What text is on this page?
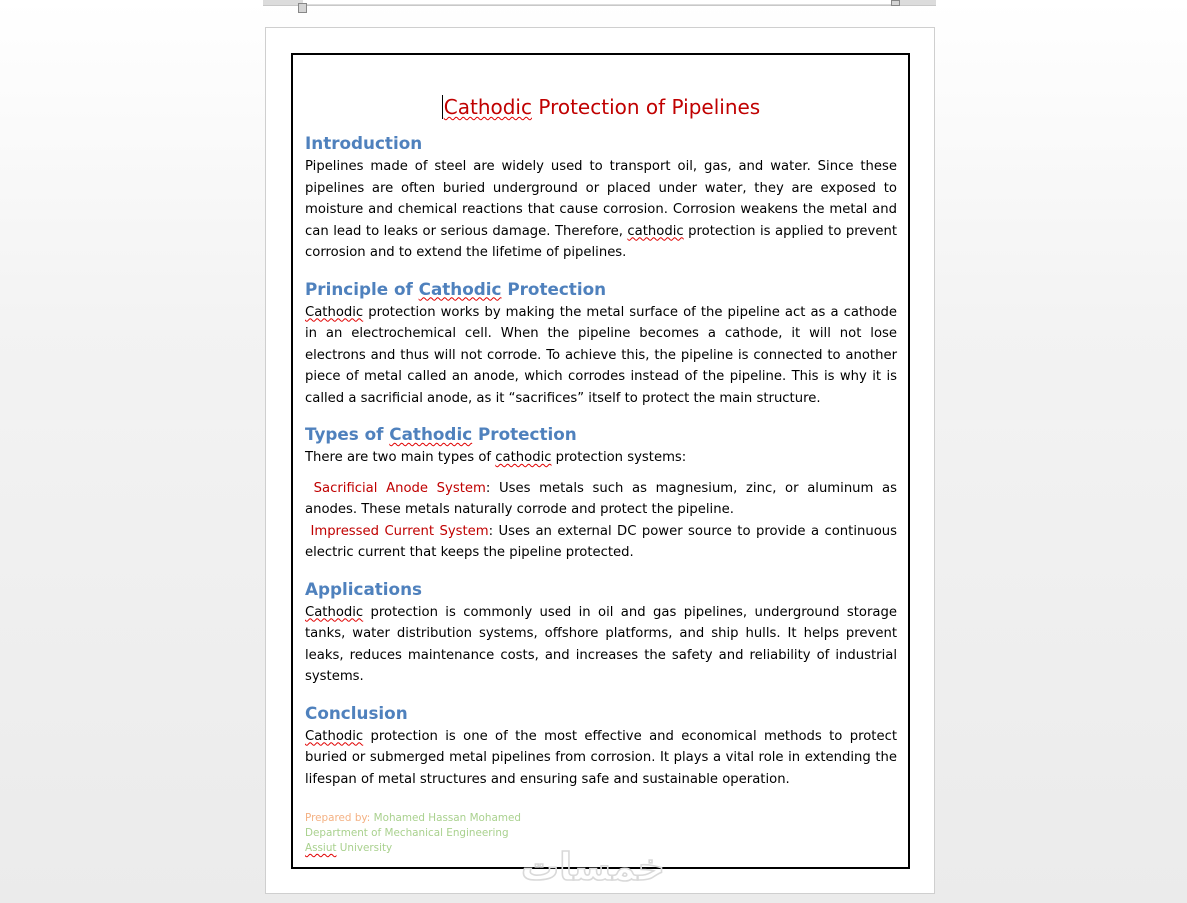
Cathodic Protection of Pipelines
Introduction

Pipelines made of steel are widely used to transport oil, gas, and water. Since these pipelines are often buried underground or placed under water, they are exposed to moisture and chemical reactions that cause corrosion. Corrosion weakens the metal and can lead to leaks or serious damage. Therefore, cathodic protection is applied to prevent corrosion and to extend the lifetime of pipelines.

Principle of Cathodic Protection

Cathodic protection works by making the metal surface of the pipeline act as a cathode in an electrochemical cell. When the pipeline becomes a cathode, it will not lose electrons and thus will not corrode. To achieve this, the pipeline is connected to another piece of metal called an anode, which corrodes instead of the pipeline. This is why it is called a sacrificial anode, as it “sacrifices” itself to protect the main structure.

Types of Cathodic Protection

There are two main types of cathodic protection systems:

Sacrificial Anode System: Uses metals such as magnesium, zinc, or aluminum as anodes. These metals naturally corrode and protect the pipeline.

Impressed Current System: Uses an external DC power source to provide a continuous electric current that keeps the pipeline protected.

Applications

Cathodic protection is commonly used in oil and gas pipelines, underground storage tanks, water distribution systems, offshore platforms, and ship hulls. It helps prevent leaks, reduces maintenance costs, and increases the safety and reliability of industrial systems.

Conclusion

Cathodic protection is one of the most effective and economical methods to protect buried or submerged metal pipelines from corrosion. It plays a vital role in extending the lifespan of metal structures and ensuring safe and sustainable operation.

Prepared by: Mohamed Hassan Mohamed
Department of Mechanical Engineering
Assiut University	خمسات
